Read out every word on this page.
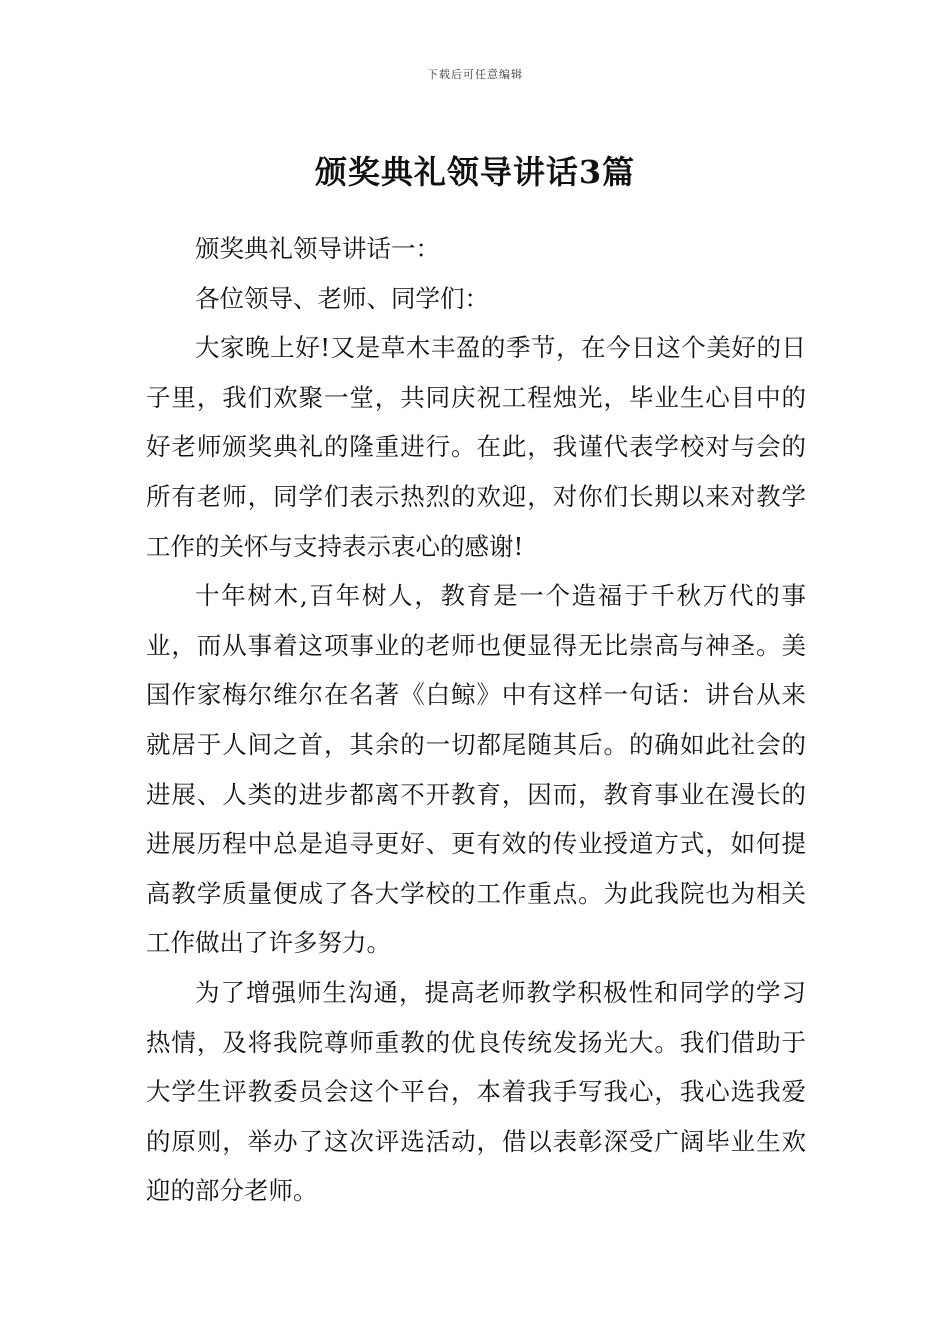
下载后可任意编辑
颁奖典礼领导讲话3篇

颁奖典礼领导讲话一：

各位领导、老师、同学们：

大家晚上好!又是草木丰盈的季节，在今日这个美好的日子里，我们欢聚一堂，共同庆祝工程烛光，毕业生心目中的好老师颁奖典礼的隆重进行。在此，我谨代表学校对与会的所有老师，同学们表示热烈的欢迎，对你们长期以来对教学工作的关怀与支持表示衷心的感谢!

十年树木,百年树人，教育是一个造福于千秋万代的事业，而从事着这项事业的老师也便显得无比崇高与神圣。美国作家梅尔维尔在名著《白鲸》中有这样一句话：讲台从来就居于人间之首，其余的一切都尾随其后。的确如此社会的进展、人类的进步都离不开教育，因而，教育事业在漫长的进展历程中总是追寻更好、更有效的传业授道方式，如何提高教学质量便成了各大学校的工作重点。为此我院也为相关工作做出了许多努力。

为了增强师生沟通，提高老师教学积极性和同学的学习热情，及将我院尊师重教的优良传统发扬光大。我们借助于大学生评教委员会这个平台，本着我手写我心，我心选我爱的原则，举办了这次评选活动，借以表彰深受广阔毕业生欢迎的部分老师。
